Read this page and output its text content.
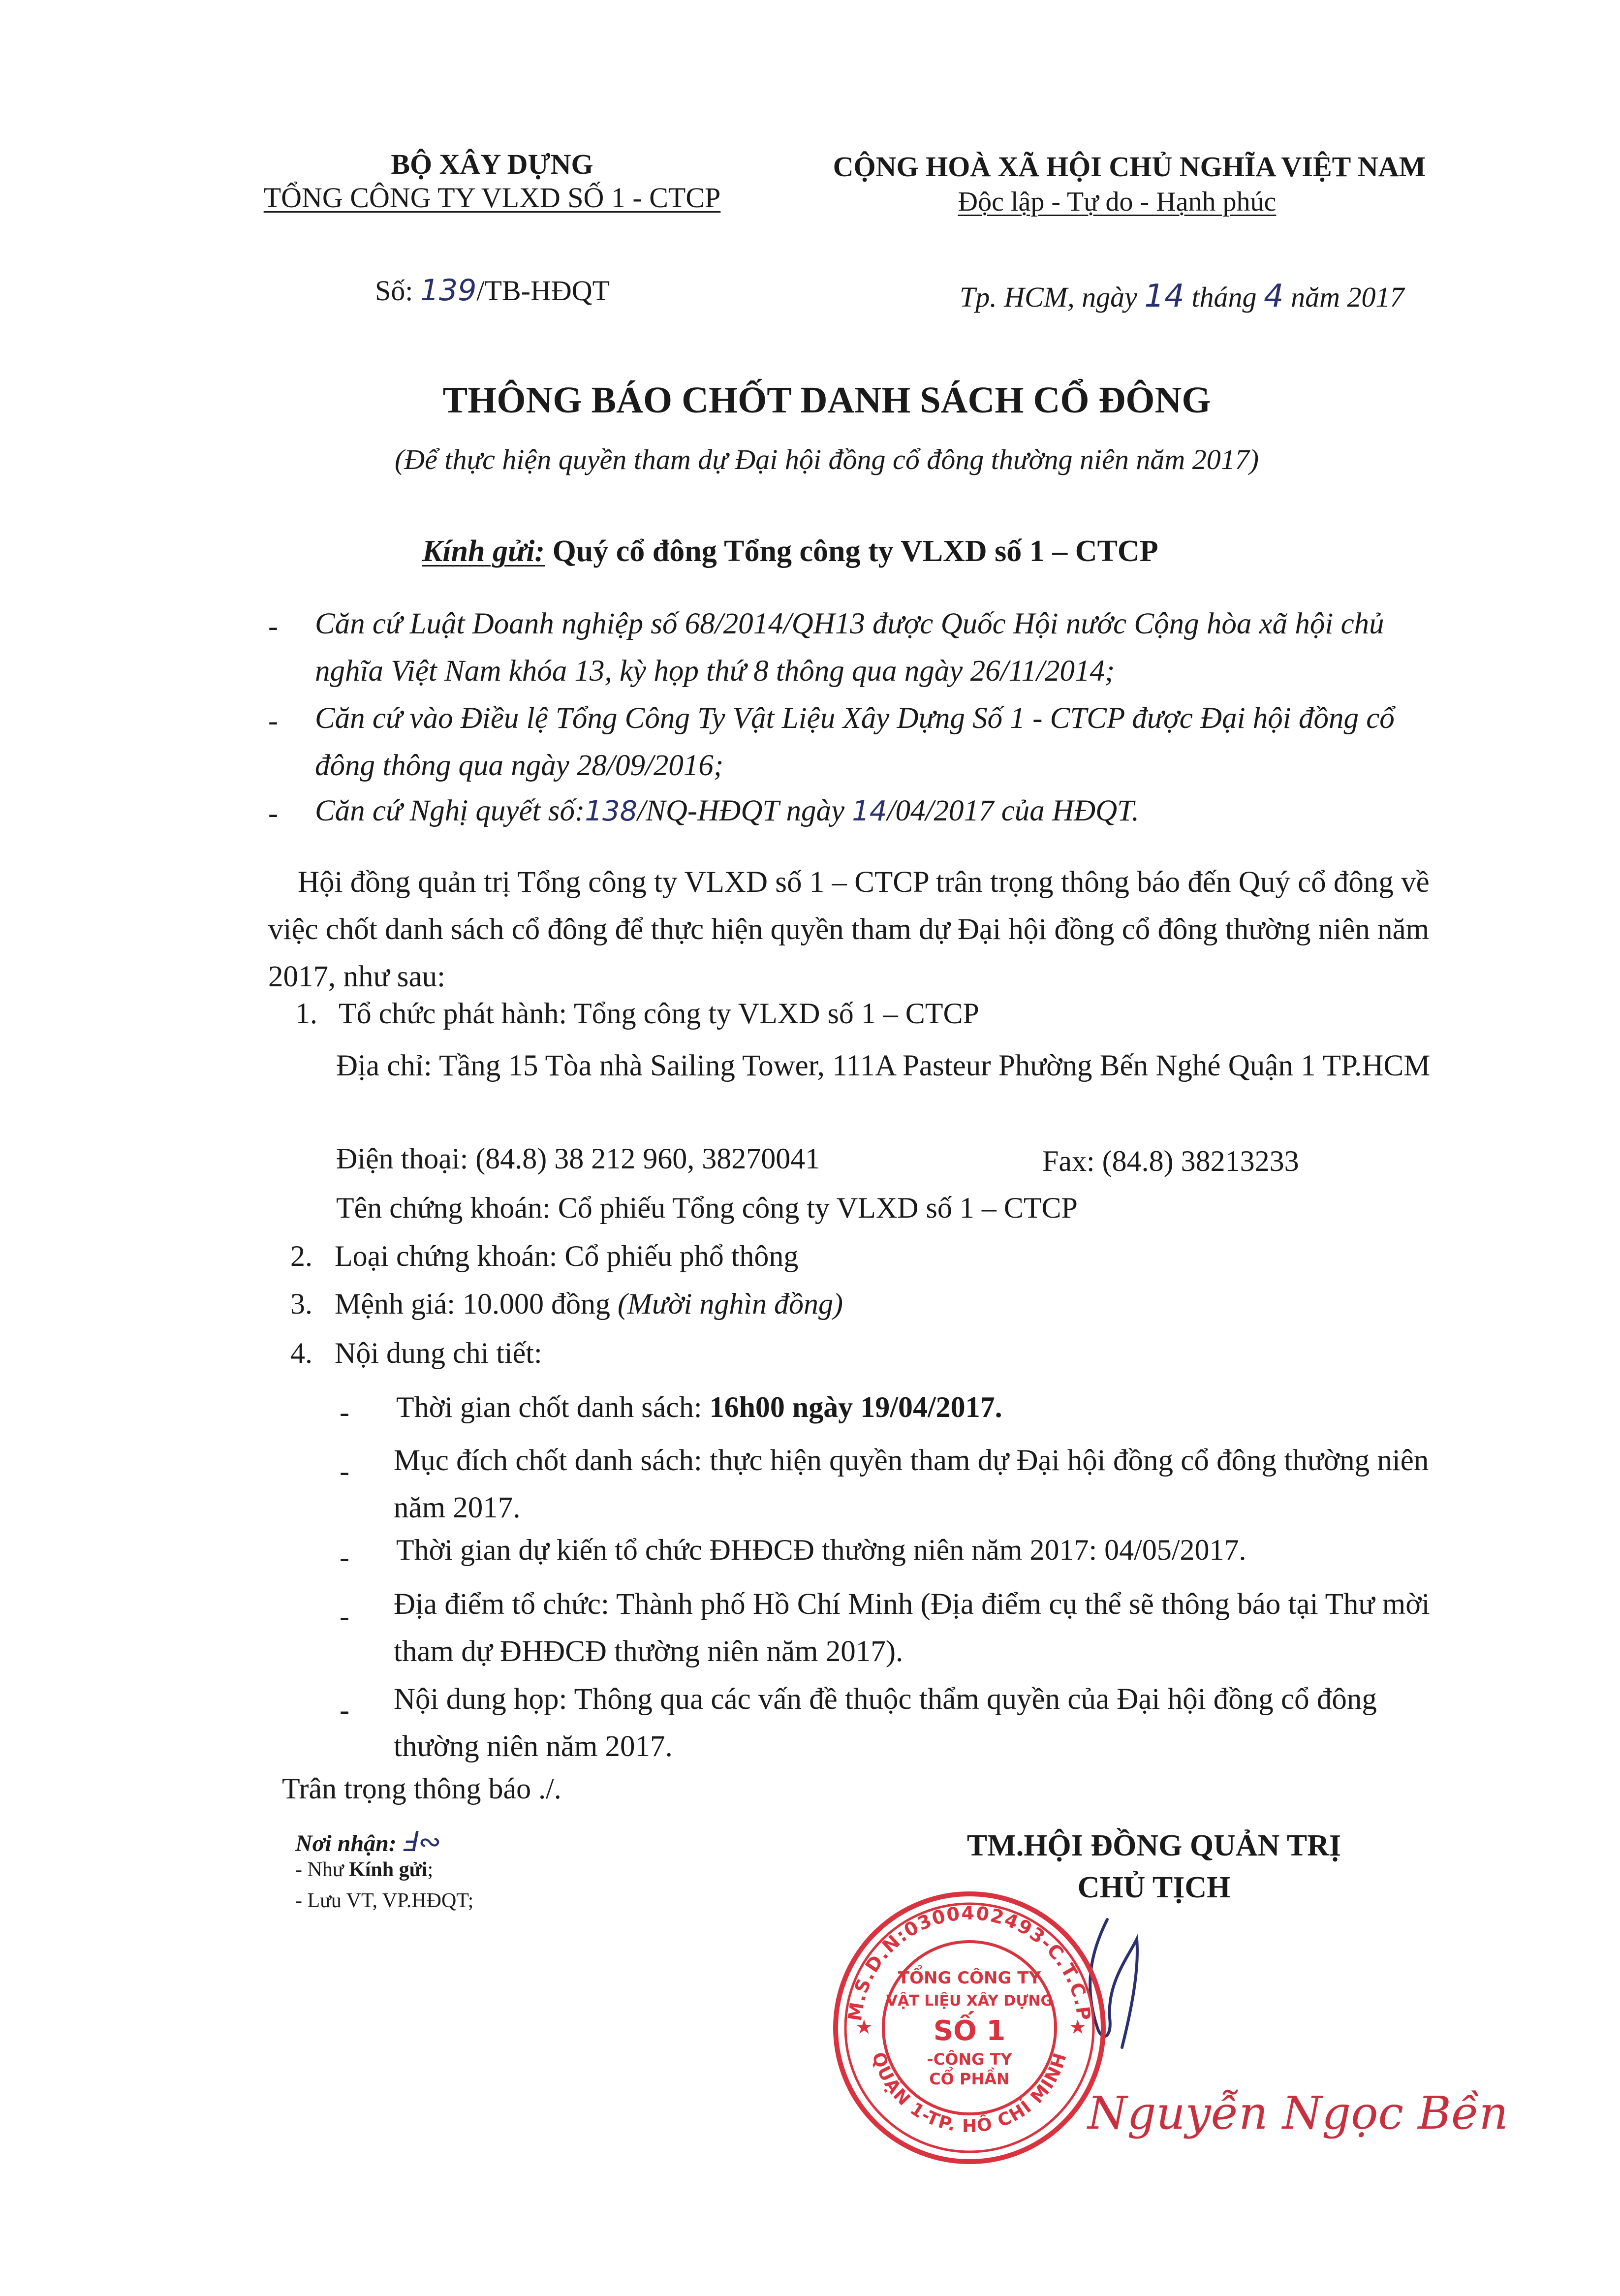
BỘ XÂY DỰNG
TỔNG CÔNG TY VLXD SỐ 1 - CTCP
CỘNG HOÀ XÃ HỘI CHỦ NGHĨA VIỆT NAM
Độc lập - Tự do - Hạnh phúc
Số: 139/TB-HĐQT	Tp. HCM, ngày 14 tháng 4 năm 2017
THÔNG BÁO CHỐT DANH SÁCH CỔ ĐÔNG
(Để thực hiện quyền tham dự Đại hội đồng cổ đông thường niên năm 2017)
Kính gửi: Quý cổ đông Tổng công ty VLXD số 1 – CTCP
- Căn cứ Luật Doanh nghiệp số 68/2014/QH13 được Quốc Hội nước Cộng hòa xã hội chủ nghĩa Việt Nam khóa 13, kỳ họp thứ 8 thông qua ngày 26/11/2014;
- Căn cứ vào Điều lệ Tổng Công Ty Vật Liệu Xây Dựng Số 1 - CTCP được Đại hội đồng cổ đông thông qua ngày 28/09/2016;
- Căn cứ Nghị quyết số:138/NQ-HĐQT ngày 14/04/2017 của HĐQT.
Hội đồng quản trị Tổng công ty VLXD số 1 – CTCP trân trọng thông báo đến Quý cổ đông về việc chốt danh sách cổ đông để thực hiện quyền tham dự Đại hội đồng cổ đông thường niên năm 2017, như sau:
1. Tổ chức phát hành: Tổng công ty VLXD số 1 – CTCP
Địa chỉ: Tầng 15 Tòa nhà Sailing Tower, 111A Pasteur Phường Bến Nghé Quận 1 TP.HCM
Điện thoại: (84.8) 38 212 960, 38270041	Fax: (84.8) 38213233
Tên chứng khoán: Cổ phiếu Tổng công ty VLXD số 1 – CTCP
2. Loại chứng khoán: Cổ phiếu phổ thông
3. Mệnh giá: 10.000 đồng (Mười nghìn đồng)
4. Nội dung chi tiết:
- Thời gian chốt danh sách: 16h00 ngày 19/04/2017.
- Mục đích chốt danh sách: thực hiện quyền tham dự Đại hội đồng cổ đông thường niên năm 2017.
- Thời gian dự kiến tổ chức ĐHĐCĐ thường niên năm 2017: 04/05/2017.
- Địa điểm tổ chức: Thành phố Hồ Chí Minh (Địa điểm cụ thể sẽ thông báo tại Thư mời tham dự ĐHĐCĐ thường niên năm 2017).
- Nội dung họp: Thông qua các vấn đề thuộc thẩm quyền của Đại hội đồng cổ đông thường niên năm 2017.
Trân trọng thông báo ./.
Nơi nhận: Ⅎ∾
- Như Kính gửi;
- Lưu VT, VP.HĐQT;
TM.HỘI ĐỒNG QUẢN TRỊ
CHỦ TỊCH
M.S.D.N:0300402493-C.T.C.P
QUẬN 1-TP. HỒ CHÍ MINH
★	★
TỔNG CÔNG TY
VẬT LIỆU XÂY DỰNG
SỐ 1
-CÔNG TY
CỔ PHẦN
Nguyễn Ngọc Bền
